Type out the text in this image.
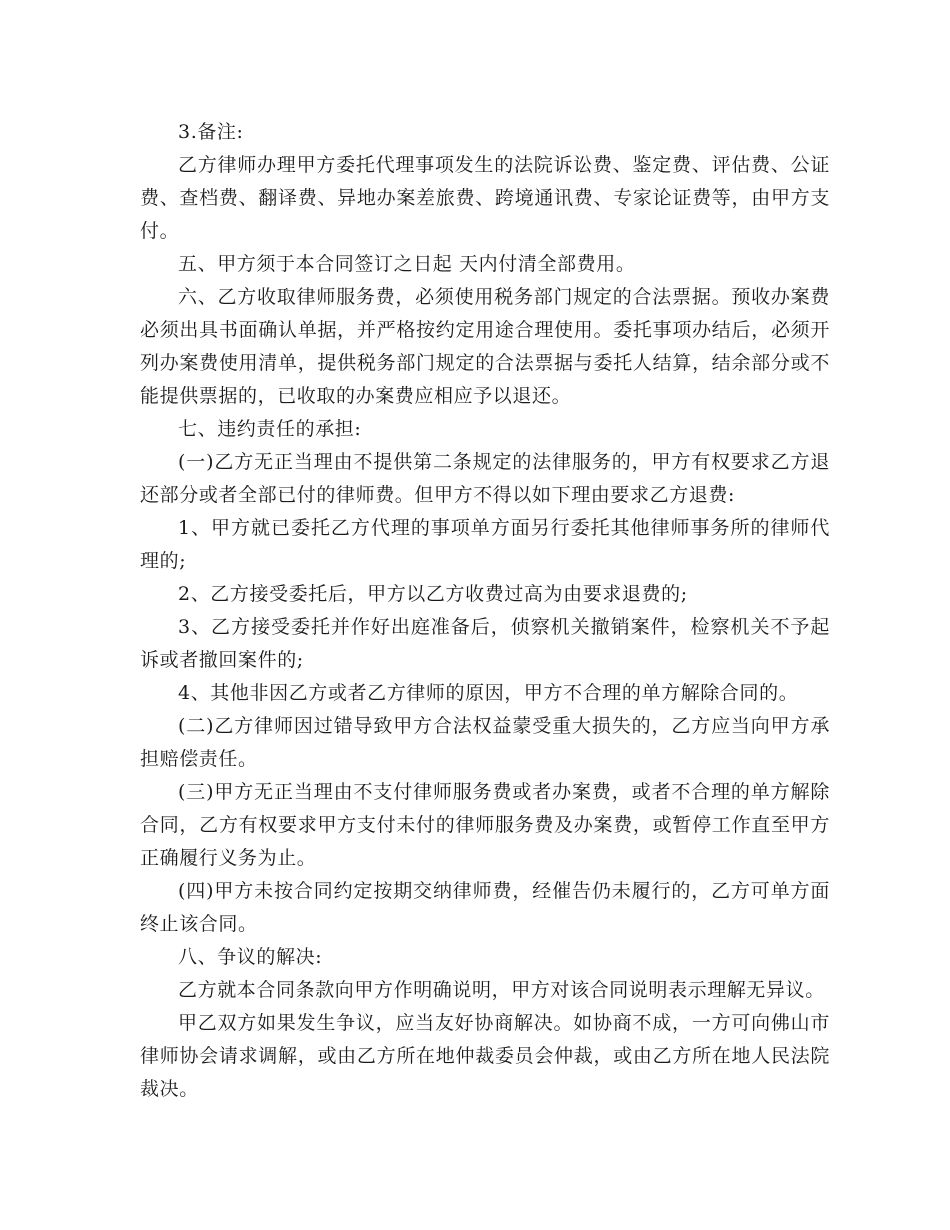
3.备注:

乙方律师办理甲方委托代理事项发生的法院诉讼费、鉴定费、评估费、公证费、查档费、翻译费、异地办案差旅费、跨境通讯费、专家论证费等，由甲方支付。

五、甲方须于本合同签订之日起 天内付清全部费用。

六、乙方收取律师服务费，必须使用税务部门规定的合法票据。预收办案费必须出具书面确认单据，并严格按约定用途合理使用。委托事项办结后，必须开列办案费使用清单，提供税务部门规定的合法票据与委托人结算，结余部分或不能提供票据的，已收取的办案费应相应予以退还。

七、违约责任的承担:

(一)乙方无正当理由不提供第二条规定的法律服务的，甲方有权要求乙方退还部分或者全部已付的律师费。但甲方不得以如下理由要求乙方退费:

1、甲方就已委托乙方代理的事项单方面另行委托其他律师事务所的律师代理的;

2、乙方接受委托后，甲方以乙方收费过高为由要求退费的;

3、乙方接受委托并作好出庭准备后，侦察机关撤销案件，检察机关不予起诉或者撤回案件的;

4、其他非因乙方或者乙方律师的原因，甲方不合理的单方解除合同的。

(二)乙方律师因过错导致甲方合法权益蒙受重大损失的，乙方应当向甲方承担赔偿责任。

(三)甲方无正当理由不支付律师服务费或者办案费，或者不合理的单方解除合同，乙方有权要求甲方支付未付的律师服务费及办案费，或暂停工作直至甲方正确履行义务为止。

(四)甲方未按合同约定按期交纳律师费，经催告仍未履行的，乙方可单方面终止该合同。

八、争议的解决:

乙方就本合同条款向甲方作明确说明，甲方对该合同说明表示理解无异议。

甲乙双方如果发生争议，应当友好协商解决。如协商不成，一方可向佛山市律师协会请求调解，或由乙方所在地仲裁委员会仲裁，或由乙方所在地人民法院裁决。
